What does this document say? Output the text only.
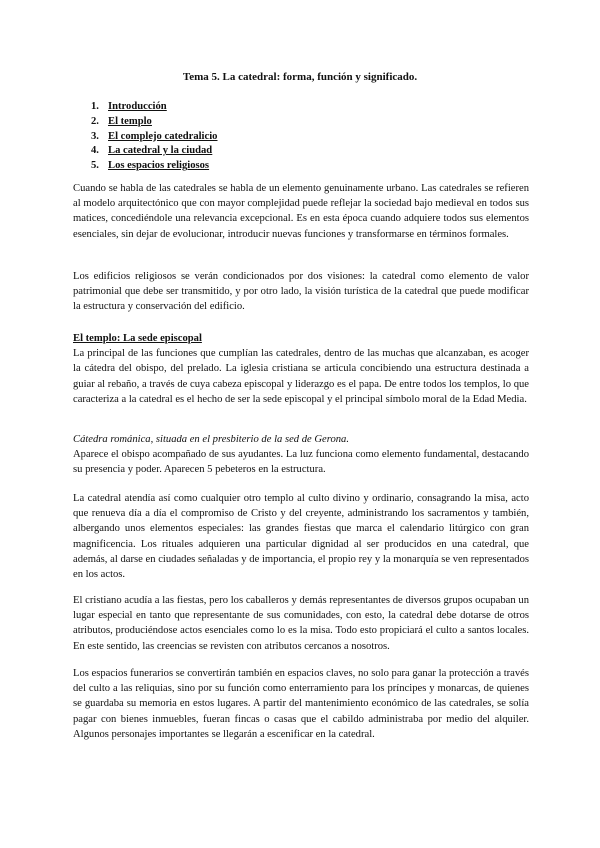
Tema 5. La catedral: forma, función y significado.
1. Introducción
2. El templo
3. El complejo catedralicio
4. La catedral y la ciudad
5. Los espacios religiosos

Cuando se habla de las catedrales se habla de un elemento genuinamente urbano. Las catedrales se refieren al modelo arquitectónico que con mayor complejidad puede reflejar la sociedad bajo medieval en todos sus matices, concediéndole una relevancia excepcional. Es en esta época cuando adquiere todos sus elementos esenciales, sin dejar de evolucionar, introducir nuevas funciones y transformarse en términos formales.

Los edificios religiosos se verán condicionados por dos visiones: la catedral como elemento de valor patrimonial que debe ser transmitido, y por otro lado, la visión turística de la catedral que puede modificar la estructura y conservación del edificio.

El templo: La sede episcopal

La principal de las funciones que cumplían las catedrales, dentro de las muchas que alcanzaban, es acoger la cátedra del obispo, del prelado. La iglesia cristiana se articula concibiendo una estructura destinada a guiar al rebaño, a través de cuya cabeza episcopal y liderazgo es el papa. De entre todos los templos, lo que caracteriza a la catedral es el hecho de ser la sede episcopal y el principal símbolo moral de la Edad Media.

Cátedra románica, situada en el presbiterio de la sed de Gerona.

Aparece el obispo acompañado de sus ayudantes. La luz funciona como elemento fundamental, destacando su presencia y poder. Aparecen 5 pebeteros en la estructura.

La catedral atendía así como cualquier otro templo al culto divino y ordinario, consagrando la misa, acto que renueva día a día el compromiso de Cristo y del creyente, administrando los sacramentos y también, albergando unos elementos especiales: las grandes fiestas que marca el calendario litúrgico con gran magnificencia. Los rituales adquieren una particular dignidad al ser producidos en una catedral, que además, al darse en ciudades señaladas y de importancia, el propio rey y la monarquía se ven representados en los actos.

El cristiano acudía a las fiestas, pero los caballeros y demás representantes de diversos grupos ocupaban un lugar especial en tanto que representante de sus comunidades, con esto, la catedral debe dotarse de otros atributos, produciéndose actos esenciales como lo es la misa. Todo esto propiciará el culto a santos locales. En este sentido, las creencias se revisten con atributos cercanos a nosotros.

Los espacios funerarios se convertirán también en espacios claves, no solo para ganar la protección a través del culto a las reliquias, sino por su función como enterramiento para los príncipes y monarcas, de quienes se guardaba su memoria en estos lugares. A partir del mantenimiento económico de las catedrales, se solía pagar con bienes inmuebles, fueran fincas o casas que el cabildo administraba por medio del alquiler. Algunos personajes importantes se llegarán a escenificar en la catedral.
